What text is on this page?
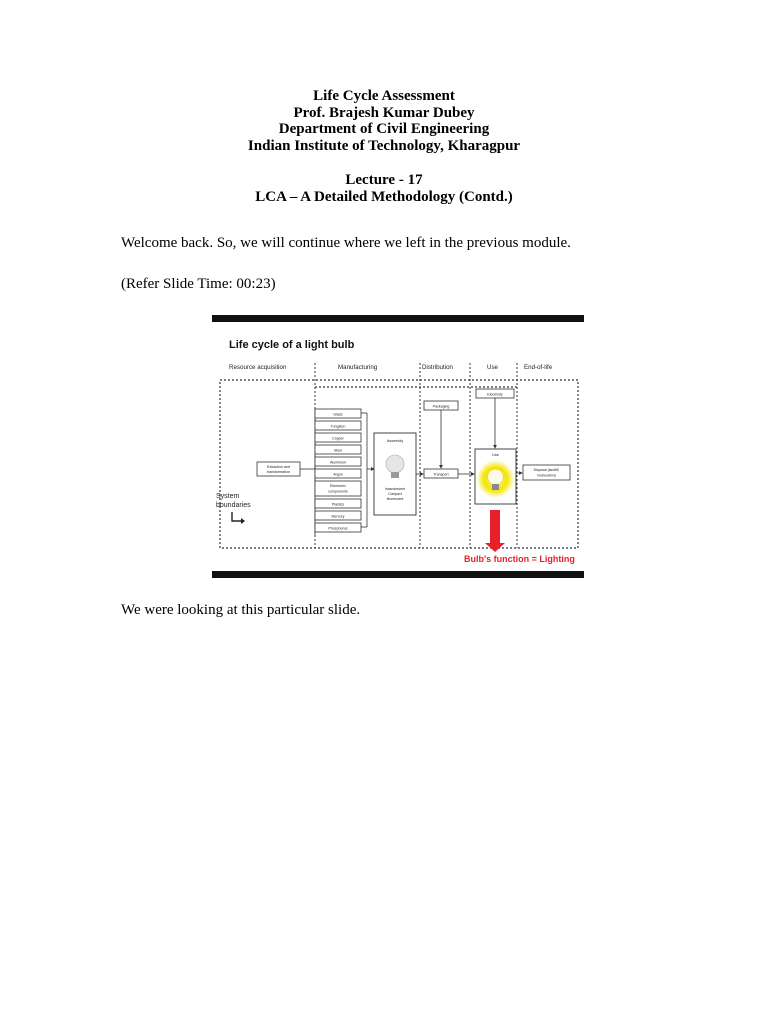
Life Cycle Assessment
Prof. Brajesh Kumar Dubey
Department of Civil Engineering
Indian Institute of Technology, Kharagpur
Lecture - 17
LCA – A Detailed Methodology (Contd.)
Welcome back. So, we will continue where we left in the previous module.
(Refer Slide Time: 00:23)
Life cycle of a light bulb
Resource acquisition	Manufacturing	Distribution	Use	End-of-life
Extraction and
transformation
Glass
Tungsten
Copper
Steel
Aluminum
Argon
Electronic
components
Plastics
Mercury
Phosphorus
Assembly
Incandescent
Compact
fluorescent
Packaging
Transport
Electricity
Use
Disposal (landfill,
incineration)
System
boundaries
Bulb's function = Lighting
We were looking at this particular slide.
